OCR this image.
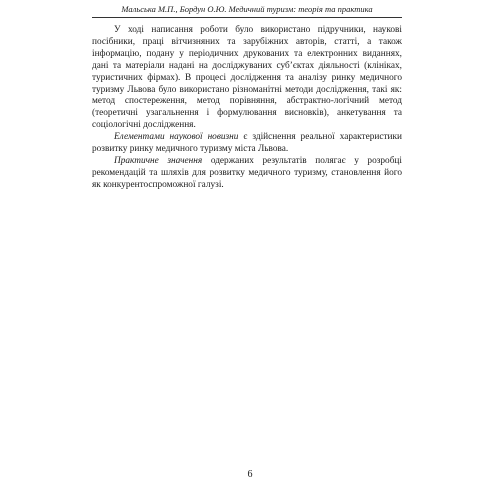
Мальська М.П., Бордун О.Ю. Медичний туризм: теорія та практика

У ході написання роботи було використано підручники, наукові посібники, праці вітчизняних та зарубіжних авторів, статті, а також інформацію, подану у періодичних друкованих та електронних виданнях, дані та матеріали надані на досліджуваних суб’єктах діяльності (клініках, туристичних фірмах). В процесі дослідження та аналізу ринку медичного туризму Львова було використано різноманітні методи дослідження, такі як: метод спостереження, метод порівняння, абстрактно-логічний метод (теоретичні узагальнення і формулювання висновків), анкетування та соціологічні дослідження.

Елементами наукової новизни є здійснення реальної характеристики розвитку ринку медичного туризму міста Львова.

Практичне значення одержаних результатів полягає у розробці рекомендацій та шляхів для розвитку медичного туризму, становлення його як конкурентоспроможної галузі.

6
